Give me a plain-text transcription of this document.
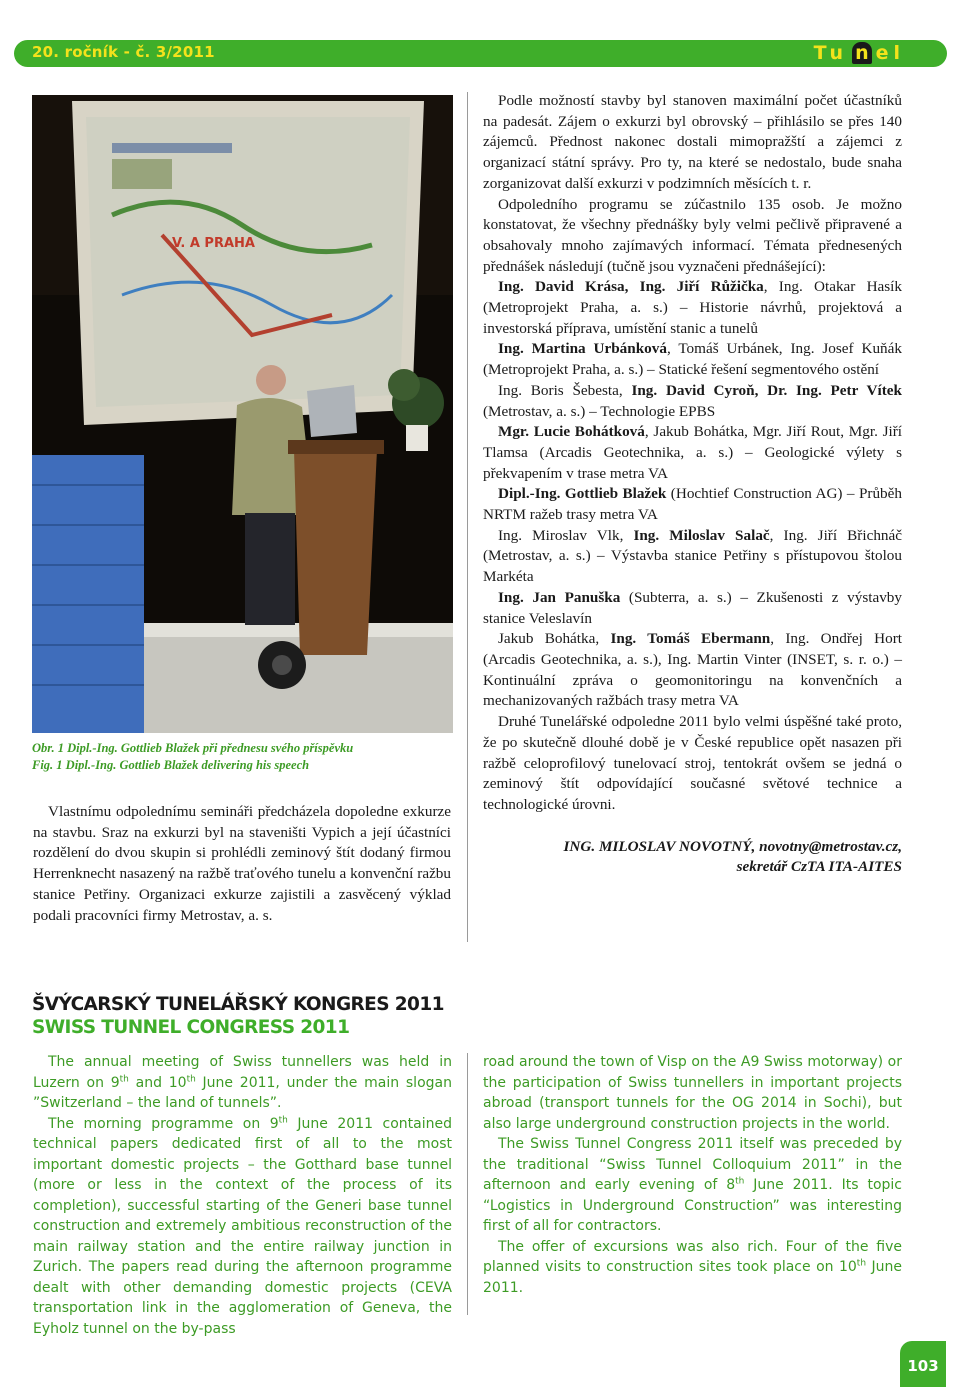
20. ročník - č. 3/2011	Tu n el
V. A PRAHA
Obr. 1 Dipl.-Ing. Gottlieb Blažek při přednesu svého příspěvku
Fig. 1 Dipl.-Ing. Gottlieb Blažek delivering his speech

Vlastnímu odpolednímu semináři předcházela dopoledne exkurze na stavbu. Sraz na exkurzi byl na staveništi Vypich a její účastníci rozdělení do dvou skupin si prohlédli zeminový štít dodaný firmou Herrenknecht nasazený na ražbě traťového tunelu a konvenční ražbu stanice Petřiny. Organizaci exkurze zajistili a zasvěcený výklad podali pracovníci firmy Metrostav, a. s.

Podle možností stavby byl stanoven maximální počet účastníků na padesát. Zájem o exkurzi byl obrovský – přihlásilo se přes 140 zájemců. Přednost nakonec dostali mimopražští a zájemci z organizací státní správy. Pro ty, na které se nedostalo, bude snaha zorganizovat další exkurzi v podzimních měsících t. r.

Odpoledního programu se zúčastnilo 135 osob. Je možno konstatovat, že všechny přednášky byly velmi pečlivě připravené a obsahovaly mnoho zajímavých informací. Témata přednesených přednášek následují (tučně jsou vyznačeni přednášející):

Ing. David Krása, Ing. Jiří Růžička, Ing. Otakar Hasík (Metroprojekt Praha, a. s.) – Historie návrhů, projektová a investorská příprava, umístění stanic a tunelů

Ing. Martina Urbánková, Tomáš Urbánek, Ing. Josef Kuňák (Metroprojekt Praha, a. s.) – Statické řešení segmentového ostění

Ing. Boris Šebesta, Ing. David Cyroň, Dr. Ing. Petr Vítek (Metrostav, a. s.) – Technologie EPBS

Mgr. Lucie Bohátková, Jakub Bohátka, Mgr. Jiří Rout, Mgr. Jiří Tlamsa (Arcadis Geotechnika, a. s.) – Geologické výlety s překvapením v trase metra VA

Dipl.-Ing. Gottlieb Blažek (Hochtief Construction AG) – Průběh NRTM ražeb trasy metra VA

Ing. Miroslav Vlk, Ing. Miloslav Salač, Ing. Jiří Břichnáč (Metrostav, a. s.) – Výstavba stanice Petřiny s přístupovou štolou Markéta

Ing. Jan Panuška (Subterra, a. s.) – Zkušenosti z výstavby stanice Veleslavín

Jakub Bohátka, Ing. Tomáš Ebermann, Ing. Ondřej Hort (Arcadis Geotechnika, a. s.), Ing. Martin Vinter (INSET, s. r. o.) – Kontinuální zpráva o geomonitoringu na konvenčních a mechanizovaných ražbách trasy metra VA

Druhé Tunelářské odpoledne 2011 bylo velmi úspěšné také proto, že po skutečně dlouhé době je v České republice opět nasazen při ražbě celoprofilový tunelovací stroj, tentokrát ovšem se jedná o zeminový štít odpovídající současné světové technice a technologické úrovni.

ING. MILOSLAV NOVOTNÝ, novotny@metrostav.cz,
sekretář CzTA ITA-AITES

ŠVÝCARSKÝ TUNELÁŘSKÝ KONGRES 2011
SWISS TUNNEL CONGRESS 2011

The annual meeting of Swiss tunnellers was held in Luzern on 9th and 10th June 2011, under the main slogan ”Switzerland – the land of tunnels”.

The morning programme on 9th June 2011 contained technical papers dedicated first of all to the most important domestic projects – the Gotthard base tunnel (more or less in the context of the process of its completion), successful starting of the Generi base tunnel construction and extremely ambitious reconstruction of the main railway station and the entire railway junction in Zurich. The papers read during the afternoon programme dealt with other demanding domestic projects (CEVA transportation link in the agglomeration of Geneva, the Eyholz tunnel on the by-pass

road around the town of Visp on the A9 Swiss motorway) or the participation of Swiss tunnellers in important projects abroad (transport tunnels for the OG 2014 in Sochi), but also large underground construction projects in the world.

The Swiss Tunnel Congress 2011 itself was preceded by the traditional “Swiss Tunnel Colloquium 2011” in the afternoon and early evening of 8th June 2011. Its topic “Logistics in Underground Construction” was interesting first of all for contractors.

The offer of excursions was also rich. Four of the five planned visits to construction sites took place on 10th June 2011.

103
